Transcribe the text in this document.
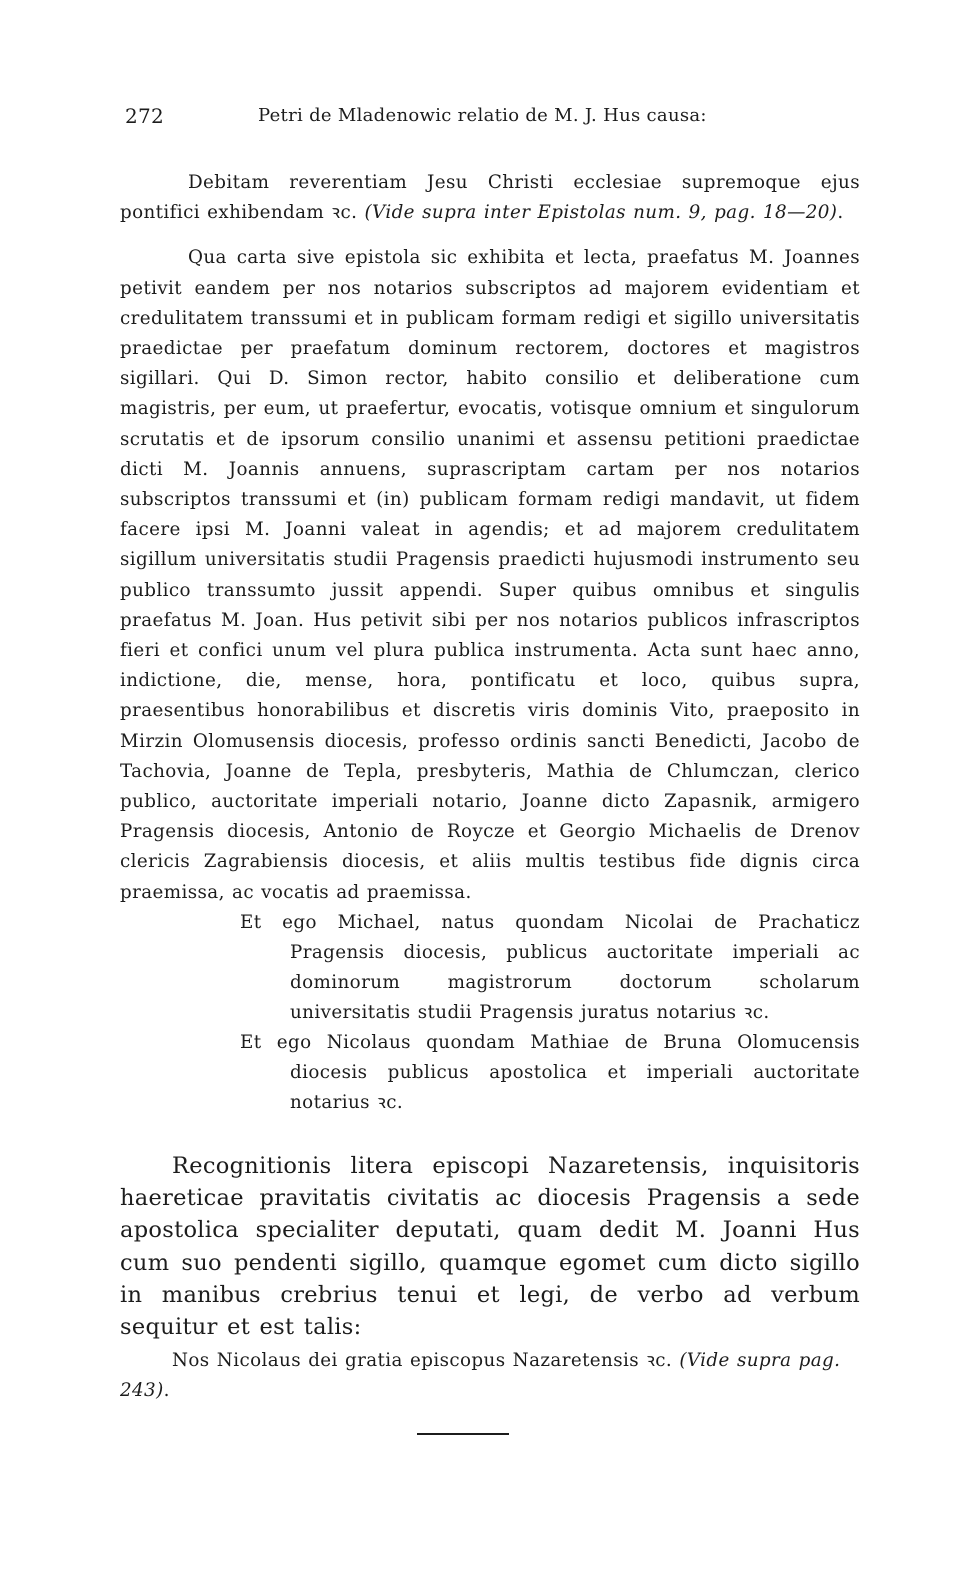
272	Petri de Mladenowic relatio de M. J. Hus causa:

Debitam reverentiam Jesu Christi ecclesiae supremoque ejus pontifici exhibendam ꝛc. (Vide supra inter Epistolas num. 9, pag. 18—20).

Qua carta sive epistola sic exhibita et lecta, praefatus M. Joannes petivit eandem per nos notarios subscriptos ad majorem evidentiam et credulitatem transsumi et in publicam formam redigi et sigillo universitatis praedictae per praefatum dominum rectorem, doctores et magistros sigillari. Qui D. Simon rector, habito consilio et deliberatione cum magistris, per eum, ut praefertur, evocatis, votisque omnium et singulorum scrutatis et de ipsorum consilio unanimi et assensu petitioni praedictae dicti M. Joannis annuens, suprascriptam cartam per nos notarios subscriptos transsumi et (in) publicam formam redigi mandavit, ut fidem facere ipsi M. Joanni valeat in agendis; et ad majorem credulitatem sigillum universitatis studii Pragensis praedicti hujusmodi instrumento seu publico transsumto jussit appendi. Super quibus omnibus et singulis praefatus M. Joan. Hus petivit sibi per nos notarios publicos infrascriptos fieri et confici unum vel plura publica instrumenta. Acta sunt haec anno, indictione, die, mense, hora, pontificatu et loco, quibus supra, praesentibus honorabilibus et discretis viris dominis Vito, praeposito in Mirzin Olomusensis diocesis, professo ordinis sancti Benedicti, Jacobo de Tachovia, Joanne de Tepla, presbyteris, Mathia de Chlumczan, clerico publico, auctoritate imperiali notario, Joanne dicto Zapasnik, armigero Pragensis diocesis, Antonio de Roycze et Georgio Michaelis de Drenov clericis Zagrabiensis diocesis, et aliis multis testibus fide dignis circa praemissa, ac vocatis ad praemissa.

Et ego Michael, natus quondam Nicolai de Prachaticz Pragensis diocesis, publicus auctoritate imperiali ac dominorum magistrorum doctorum scholarum universitatis studii Pragensis juratus notarius ꝛc.

Et ego Nicolaus quondam Mathiae de Bruna Olomucensis diocesis publicus apostolica et imperiali auctoritate notarius ꝛc.

Recognitionis litera episcopi Nazaretensis, inquisitoris haereticae pravitatis civitatis ac diocesis Pragensis a sede apostolica specialiter deputati, quam dedit M. Joanni Hus cum suo pendenti sigillo, quamque egomet cum dicto sigillo in manibus crebrius tenui et legi, de verbo ad verbum sequitur et est talis:

Nos Nicolaus dei gratia episcopus Nazaretensis ꝛc. (Vide supra pag. 243).
